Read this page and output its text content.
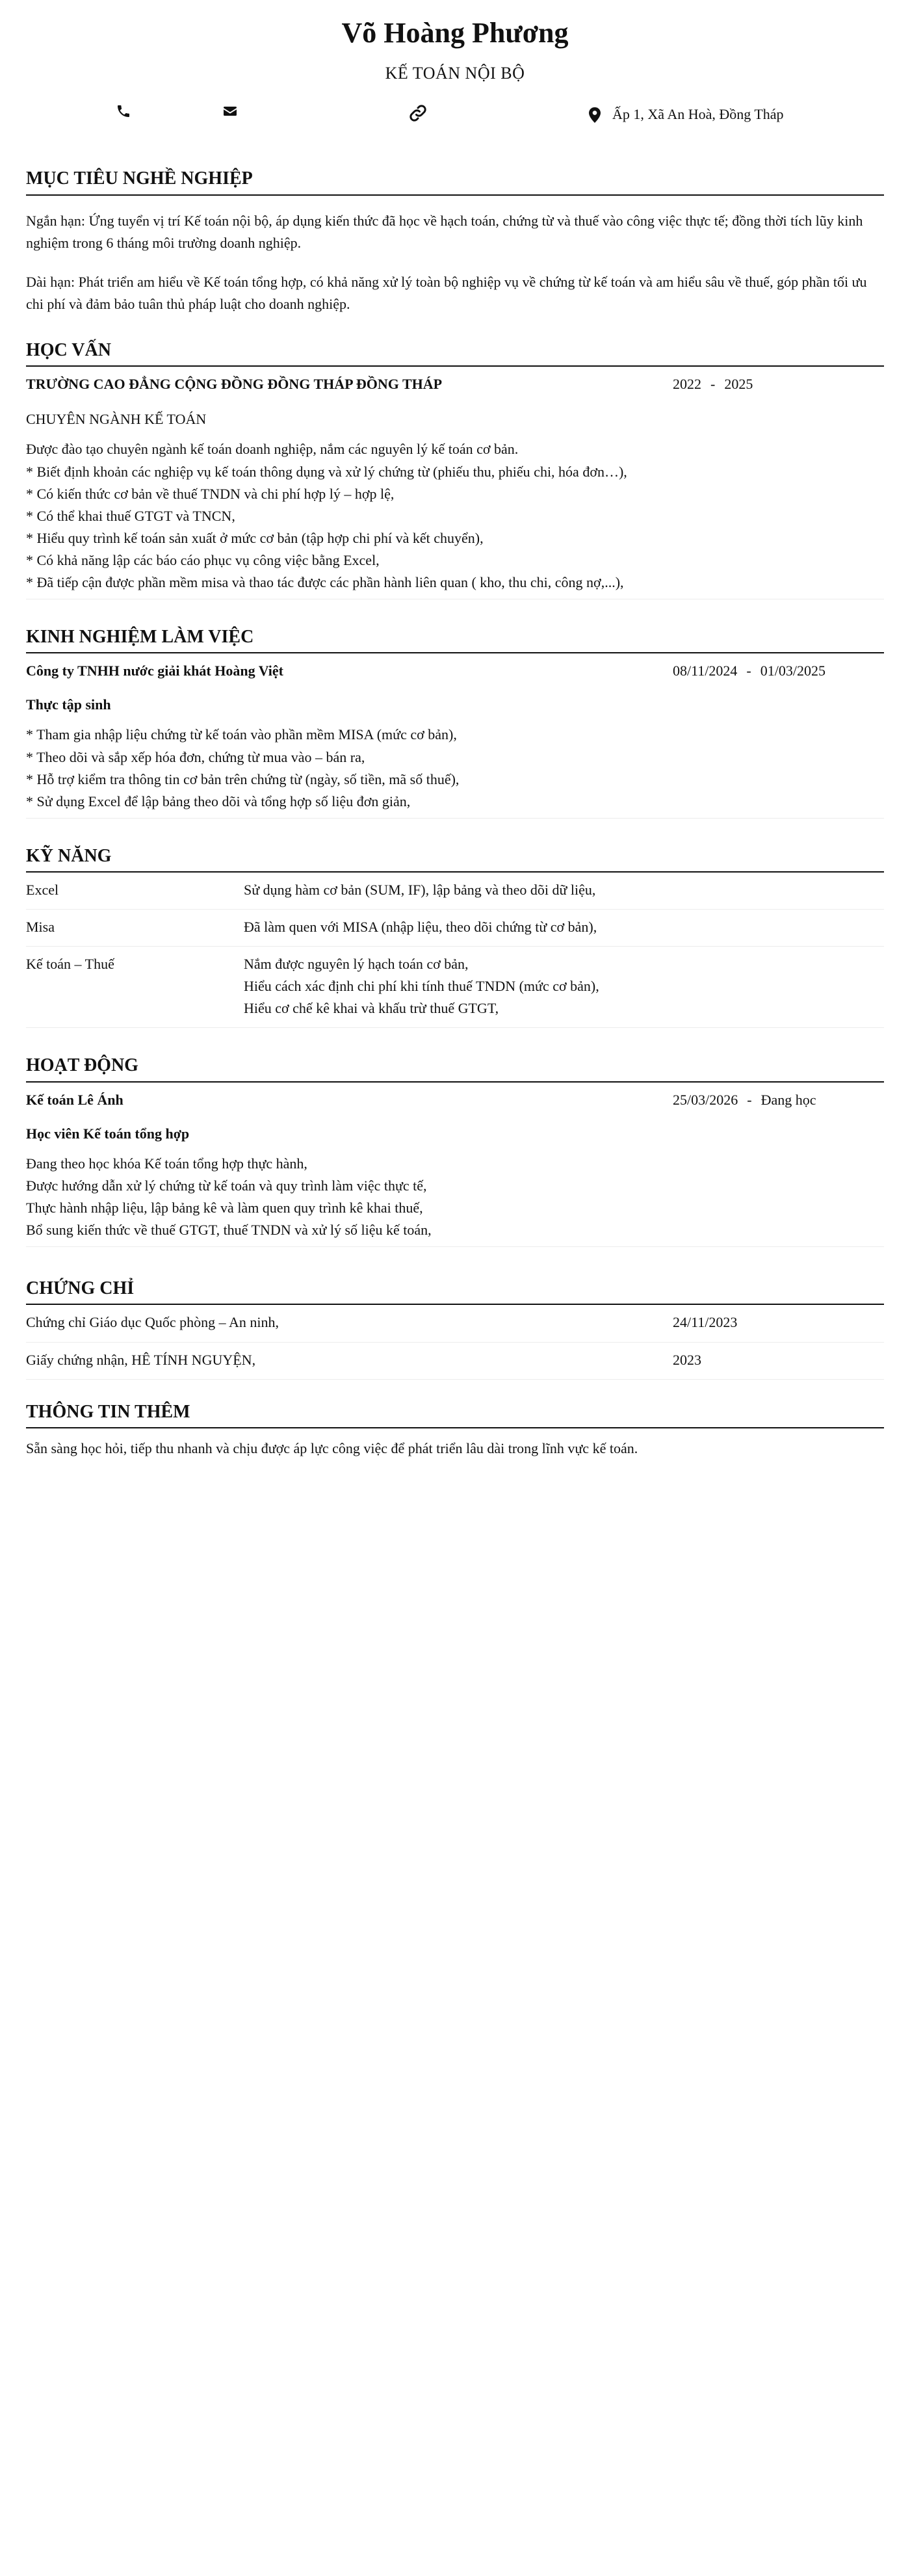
Võ Hoàng Phương
KẾ TOÁN NỘI BỘ
Ấp 1, Xã An Hoà, Đồng Tháp
MỤC TIÊU NGHỀ NGHIỆP

Ngắn hạn: Ứng tuyển vị trí Kế toán nội bộ, áp dụng kiến thức đã học về hạch toán, chứng từ và thuế vào công việc thực tế; đồng thời tích lũy kinh nghiệm trong 6 tháng môi trường doanh nghiệp.

Dài hạn: Phát triển am hiểu về Kế toán tổng hợp, có khả năng xử lý toàn bộ nghiệp vụ về chứng từ kế toán và am hiểu sâu về thuế, góp phần tối ưu chi phí và đảm bảo tuân thủ pháp luật cho doanh nghiệp.

HỌC VẤN
TRƯỜNG CAO ĐẲNG CỘNG ĐỒNG ĐỒNG THÁP ĐỒNG THÁP	2022 - 2025
CHUYÊN NGÀNH KẾ TOÁN
Được đào tạo chuyên ngành kế toán doanh nghiệp, nắm các nguyên lý kế toán cơ bản.
* Biết định khoản các nghiệp vụ kế toán thông dụng và xử lý chứng từ (phiếu thu, phiếu chi, hóa đơn…),
* Có kiến thức cơ bản về thuế TNDN và chi phí hợp lý – hợp lệ,
* Có thể khai thuế GTGT và TNCN,
* Hiểu quy trình kế toán sản xuất ở mức cơ bản (tập hợp chi phí và kết chuyển),
* Có khả năng lập các báo cáo phục vụ công việc bằng Excel,
* Đã tiếp cận được phần mềm misa và thao tác được các phần hành liên quan ( kho, thu chi, công nợ,...),
KINH NGHIỆM LÀM VIỆC
Công ty TNHH nước giải khát Hoàng Việt	08/11/2024 - 01/03/2025
Thực tập sinh
* Tham gia nhập liệu chứng từ kế toán vào phần mềm MISA (mức cơ bản),
* Theo dõi và sắp xếp hóa đơn, chứng từ mua vào – bán ra,
* Hỗ trợ kiểm tra thông tin cơ bản trên chứng từ (ngày, số tiền, mã số thuế),
* Sử dụng Excel để lập bảng theo dõi và tổng hợp số liệu đơn giản,
KỸ NĂNG
Excel	Sử dụng hàm cơ bản (SUM, IF), lập bảng và theo dõi dữ liệu,
Misa	Đã làm quen với MISA (nhập liệu, theo dõi chứng từ cơ bản),
Kế toán – Thuế	Nắm được nguyên lý hạch toán cơ bản,
Hiểu cách xác định chi phí khi tính thuế TNDN (mức cơ bản),
Hiểu cơ chế kê khai và khấu trừ thuế GTGT,
HOẠT ĐỘNG
Kế toán Lê Ánh	25/03/2026 - Đang học
Học viên Kế toán tổng hợp
Đang theo học khóa Kế toán tổng hợp thực hành,
Được hướng dẫn xử lý chứng từ kế toán và quy trình làm việc thực tế,
Thực hành nhập liệu, lập bảng kê và làm quen quy trình kê khai thuế,
Bổ sung kiến thức về thuế GTGT, thuế TNDN và xử lý số liệu kế toán,
CHỨNG CHỈ
Chứng chỉ Giáo dục Quốc phòng – An ninh,	24/11/2023
Giấy chứng nhận, HÊ TÍNH NGUYỆN,	2023
THÔNG TIN THÊM
Sẵn sàng học hỏi, tiếp thu nhanh và chịu được áp lực công việc để phát triển lâu dài trong lĩnh vực kế toán.
